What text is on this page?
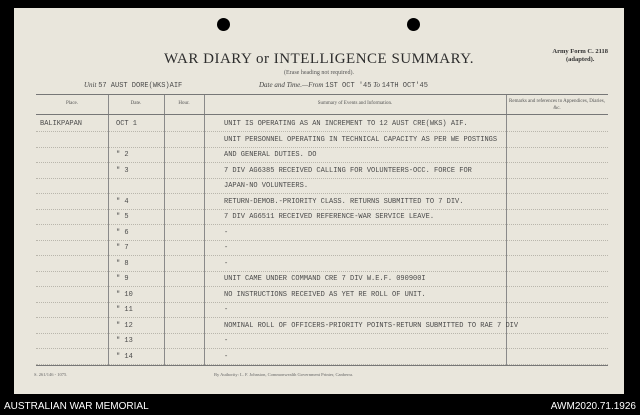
WAR DIARY or INTELLIGENCE SUMMARY.
(Erase heading not required).
Army Form C. 2118
(adapted).
Unit 57 AUST DORE(WKS)AIF	Date and Time.—From 1ST OCT '45 To 14TH OCT'45
Place.	Date.	Hour.	Summary of Events and Information.	Remarks and references to Appendices, Diaries, &c.
BALIKPAPAN	OCT 1	UNIT IS OPERATING AS AN INCREMENT TO 12 AUST CRE(WKS) AIF.
UNIT PERSONNEL OPERATING IN TECHNICAL CAPACITY AS PER WE POSTINGS
" 2	AND GENERAL DUTIES. DO
" 3	7 DIV AG6385 RECEIVED CALLING FOR VOLUNTEERS-OCC. FORCE FOR
JAPAN-NO VOLUNTEERS.
" 4	RETURN-DEMOB.-PRIORITY CLASS. RETURNS SUBMITTED TO 7 DIV.
" 5	7 DIV AG6511 RECEIVED REFERENCE-WAR SERVICE LEAVE.
" 6	-
" 7	-
" 8	-
" 9	UNIT CAME UNDER COMMAND CRE 7 DIV W.E.F. 090900I
" 10	NO INSTRUCTIONS RECEIVED AS YET RE ROLL OF UNIT.
" 11	-
" 12	NOMINAL ROLL OF OFFICERS-PRIORITY POINTS-RETURN SUBMITTED TO RAE 7 DIV
" 13	-
" 14	-
S. 261/146 - 1075.	By Authority: L. F. Johnston, Commonwealth Government Printer, Canberra.
AUSTRALIAN WAR MEMORIAL	AWM2020.71.1926
